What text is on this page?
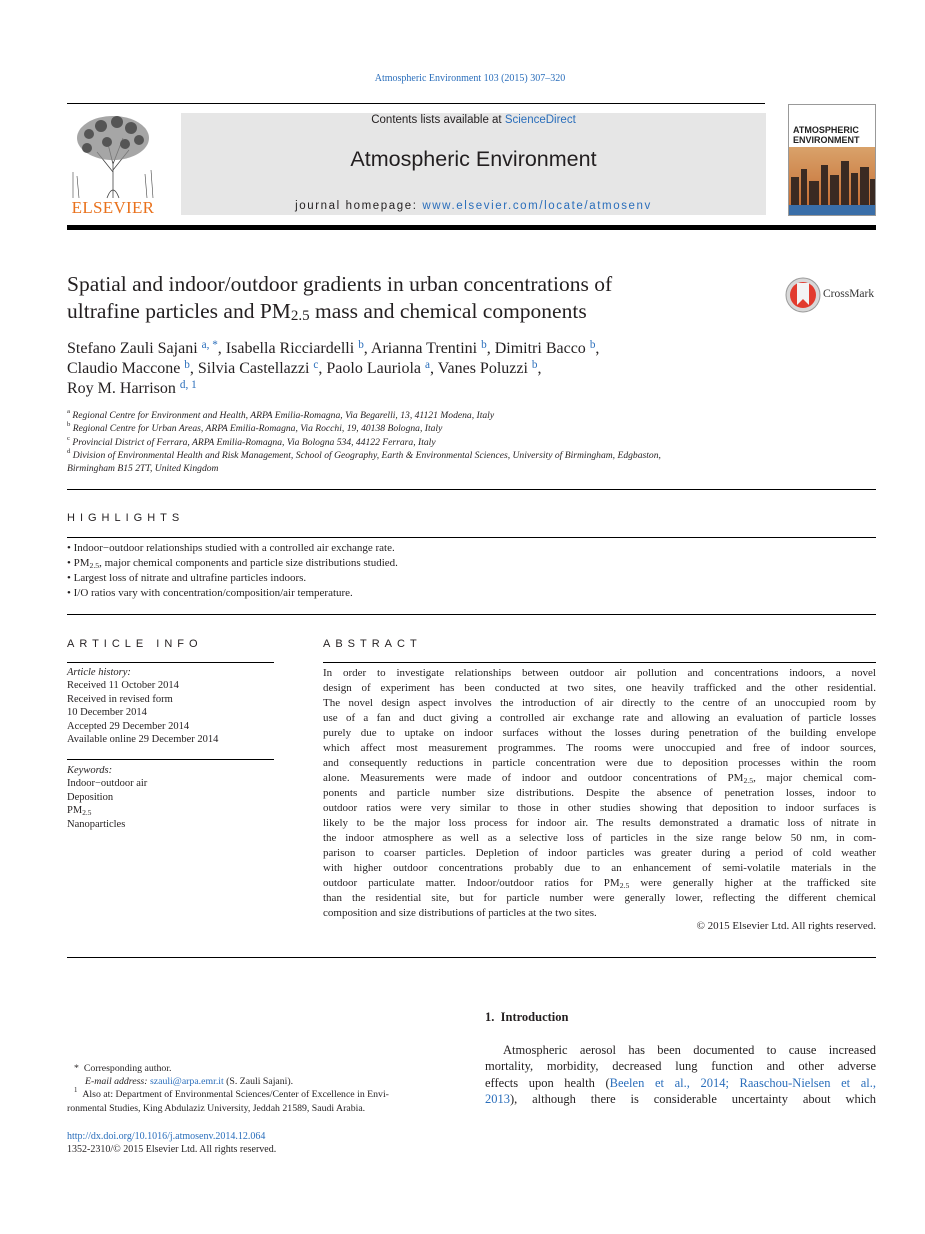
Atmospheric Environment 103 (2015) 307–320
ELSEVIER
Contents lists available at ScienceDirect
Atmospheric Environment
journal homepage: www.elsevier.com/locate/atmosenv
ATMOSPHERIC
ENVIRONMENT
Spatial and indoor/outdoor gradients in urban concentrations of
ultrafine particles and $PM_{2.5}$ mass and chemical components
CrossMark
Stefano Zauli Sajani $^{a, *}$, Isabella Ricciardelli $^b$, Arianna Trentini $^b$, Dimitri Bacco $^b$,
Claudio Maccone $^b$, Silvia Castellazzi $^c$, Paolo Lauriola $^a$, Vanes Poluzzi $^b$,
Roy M. Harrison $^{d, 1}$
$^a$ Regional Centre for Environment and Health, ARPA Emilia-Romagna, Via Begarelli, 13, 41121 Modena, Italy
$^b$ Regional Centre for Urban Areas, ARPA Emilia-Romagna, Via Rocchi, 19, 40138 Bologna, Italy
$^c$ Provincial District of Ferrara, ARPA Emilia-Romagna, Via Bologna 534, 44122 Ferrara, Italy
$^d$ Division of Environmental Health and Risk Management, School of Geography, Earth & Environmental Sciences, University of Birmingham, Edgbaston,
Birmingham B15 2TT, United Kingdom
HIGHLIGHTS
• Indoor−outdoor relationships studied with a controlled air exchange rate.
• $PM_{2.5}$, major chemical components and particle size distributions studied.
• Largest loss of nitrate and ultrafine particles indoors.
• I/O ratios vary with concentration/composition/air temperature.
ARTICLE INFO
Article history:
Received 11 October 2014
Received in revised form
10 December 2014
Accepted 29 December 2014
Available online 29 December 2014
Keywords:
Indoor−outdoor air
Deposition
$PM_{2.5}$
Nanoparticles
ABSTRACT
In order to investigate relationships between outdoor air pollution and concentrations indoors, a novel
design of experiment has been conducted at two sites, one heavily trafficked and the other residential.
The novel design aspect involves the introduction of air directly to the centre of an unoccupied room by
use of a fan and duct giving a controlled air exchange rate and allowing an evaluation of particle losses
purely due to uptake on indoor surfaces without the losses during penetration of the building envelope
which affect most measurement programmes. The rooms were unoccupied and free of indoor sources,
and consequently reductions in particle concentration were due to deposition processes within the room
alone. Measurements were made of indoor and outdoor concentrations of $PM_{2.5}$, major chemical com-
ponents and particle number size distributions. Despite the absence of penetration losses, indoor to
outdoor ratios were very similar to those in other studies showing that deposition to indoor surfaces is
likely to be the major loss process for indoor air. The results demonstrated a dramatic loss of nitrate in
the indoor atmosphere as well as a selective loss of particles in the size range below 50 nm, in com-
parison to coarser particles. Depletion of indoor particles was greater during a period of cold weather
with higher outdoor concentrations probably due to an enhancement of semi-volatile materials in the
outdoor particulate matter. Indoor/outdoor ratios for $PM_{2.5}$ were generally higher at the trafficked site
than the residential site, but for particle number were generally lower, reflecting the different chemical
composition and size distributions of particles at the two sites.
© 2015 Elsevier Ltd. All rights reserved.
1.  Introduction
Atmospheric aerosol has been documented to cause increased
mortality, morbidity, decreased lung function and other adverse
effects upon health (Beelen et al., 2014; Raaschou-Nielsen et al.,
2013), although there is considerable uncertainty about which
* Corresponding author.
E-mail address: szauli@arpa.emr.it (S. Zauli Sajani).
$^1$ Also at: Department of Environmental Sciences/Center of Excellence in Envi-
ronmental Studies, King Abdulaziz University, Jeddah 21589, Saudi Arabia.
http://dx.doi.org/10.1016/j.atmosenv.2014.12.064
1352-2310/© 2015 Elsevier Ltd. All rights reserved.
